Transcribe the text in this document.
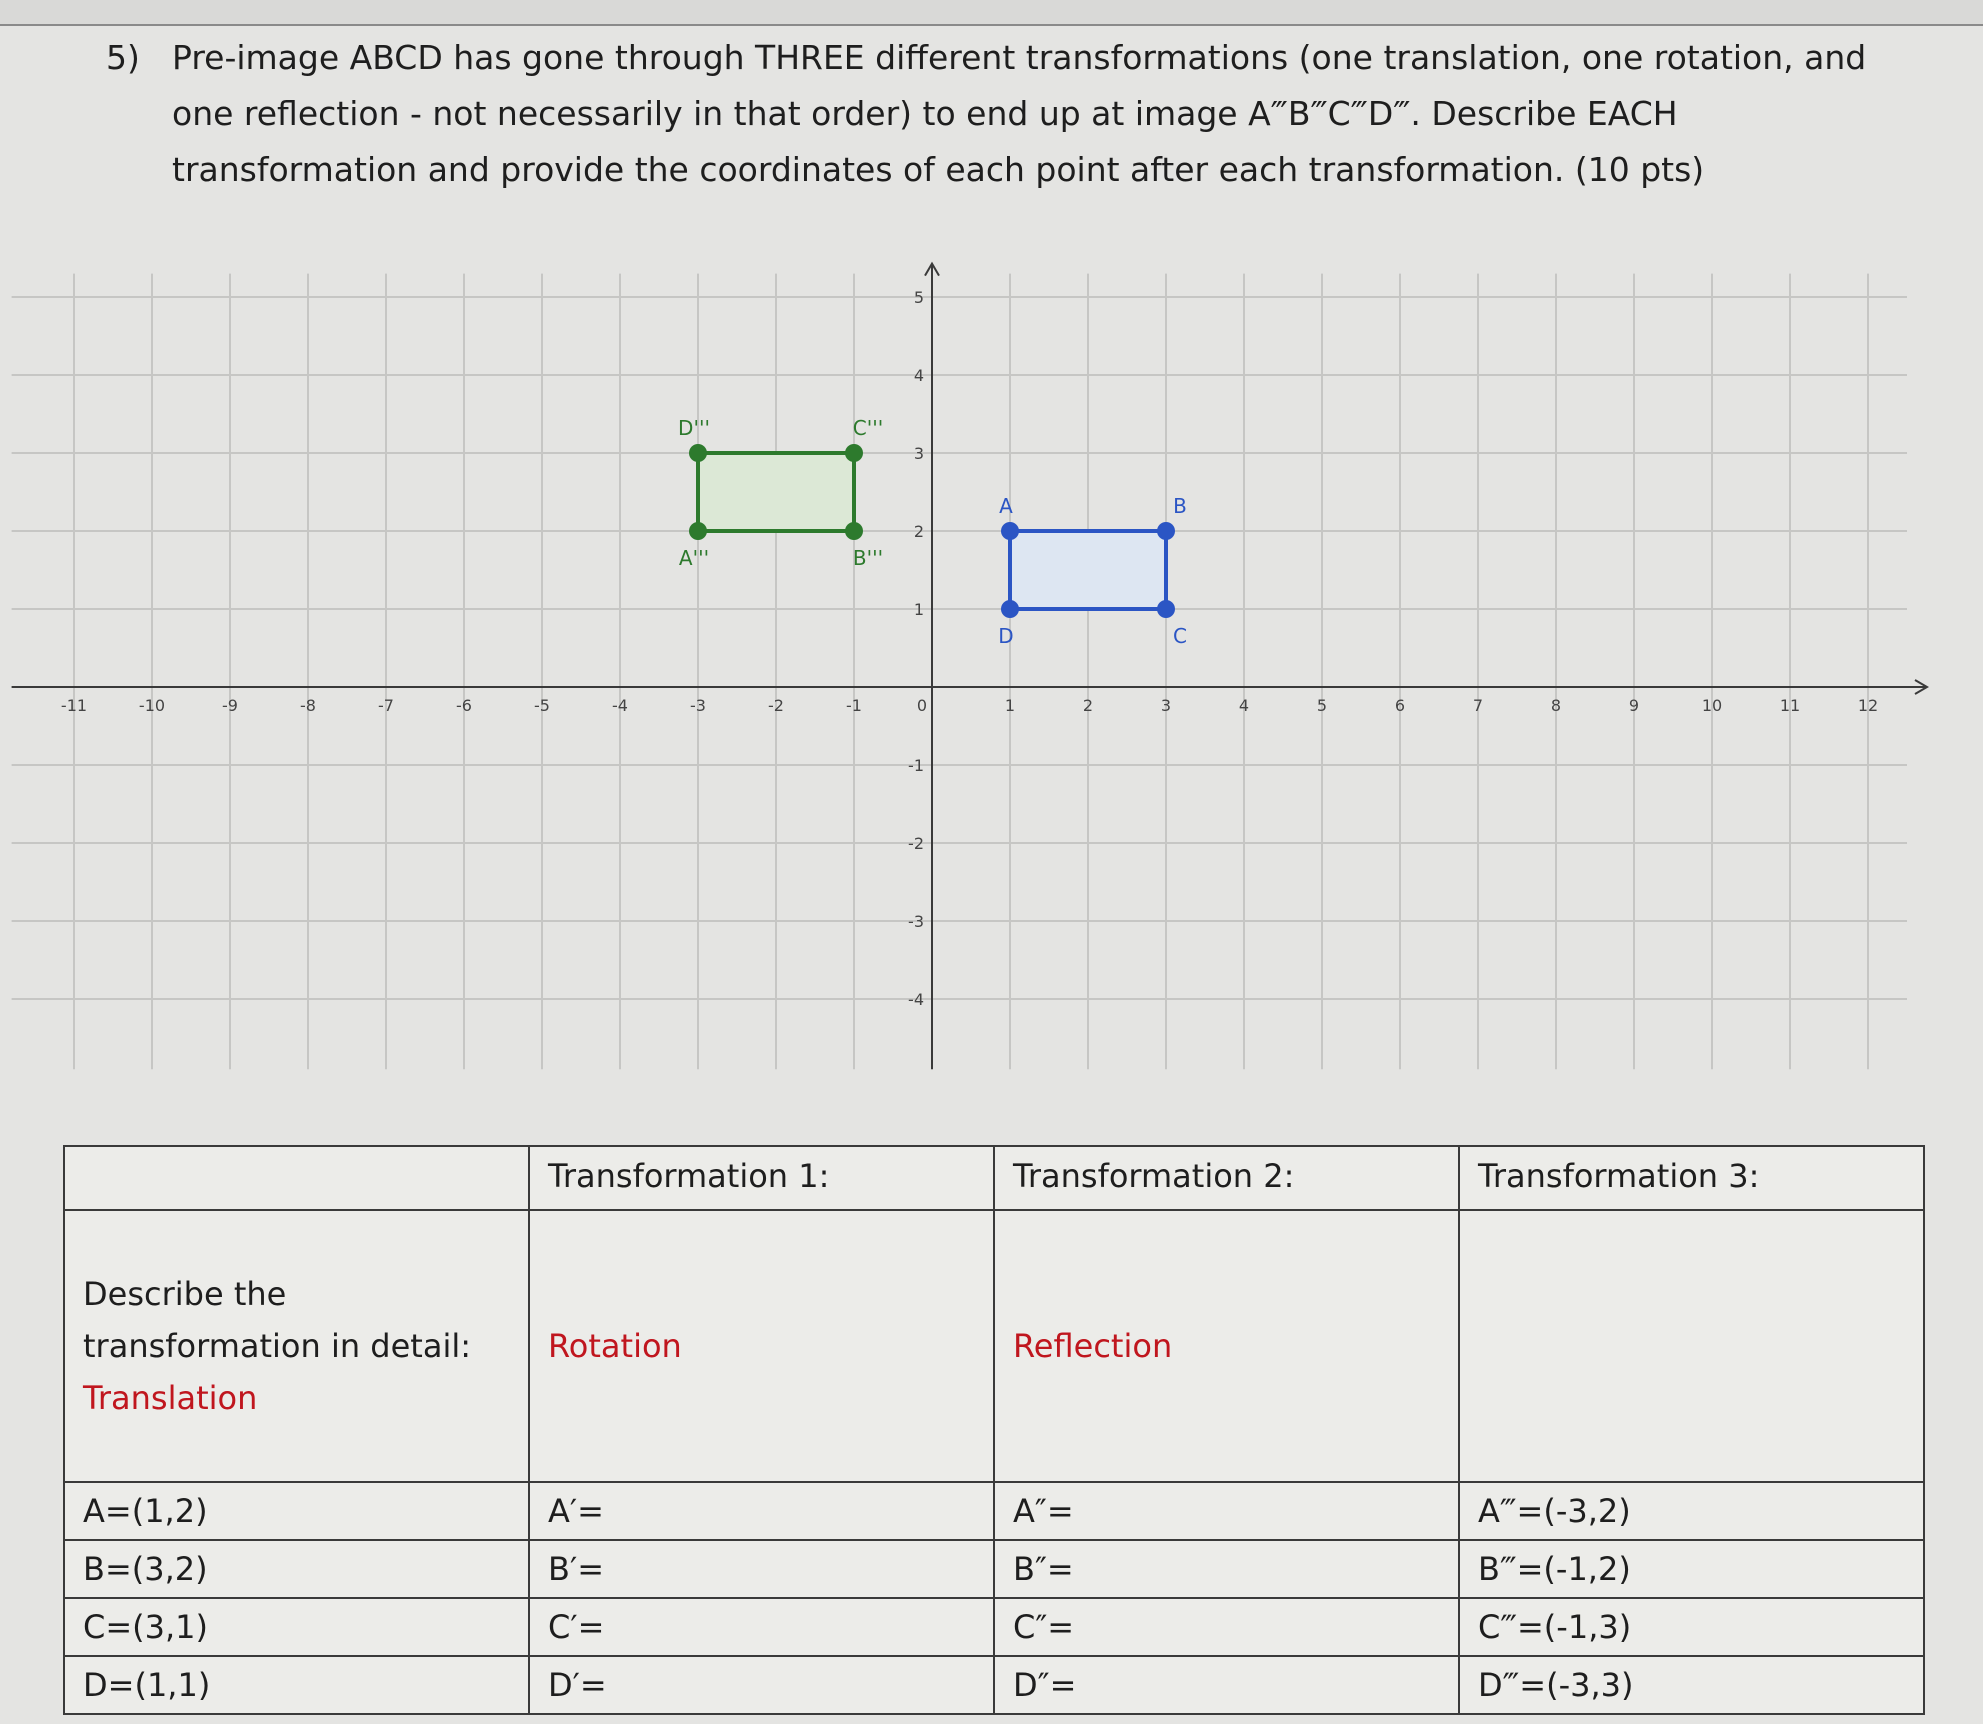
5) Pre-image ABCD has gone through THREE different transformations (one translation, one rotation, and one reflection - not necessarily in that order) to end up at image A‴B‴C‴D‴. Describe EACH transformation and provide the coordinates of each point after each transformation. (10 pts)
-11	-10	-9	-8	-7	-6	-5	-4	-3	-2	-1	0	1	2	3	4	5	6	7	8	9	10	11	12
5
4
3
2
1
-1
-2
-3
-4
A	B
C
D
A'''	B'''
C'''
D'''
	Transformation 1:	Transformation 2:	Transformation 3:

Describe the transformation in detail:
Translation	Rotation	Reflection	
A=(1,2)	A′=	A″=	A‴=(-3,2)
B=(3,2)	B′=	B″=	B‴=(-1,2)
C=(3,1)	C′=	C″=	C‴=(-1,3)
D=(1,1)	D′=	D″=	D‴=(-3,3)
